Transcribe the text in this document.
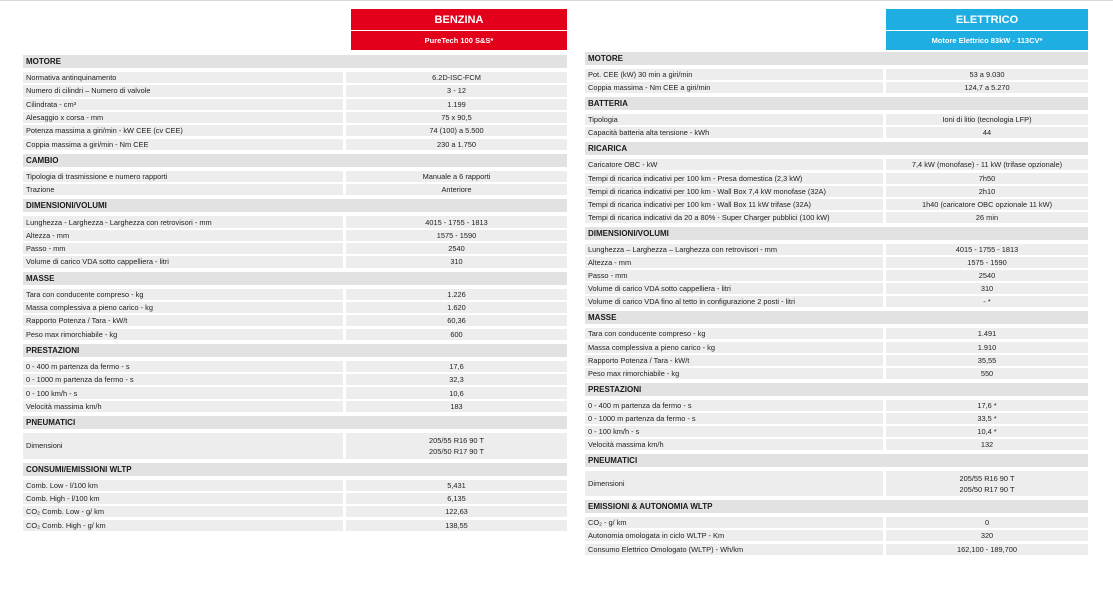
BENZINA
PureTech 100 S&S*
MOTORE
Normativa antinquinamento	6.2D-ISC-FCM
Numero di cilindri – Numero di valvole	3 - 12
Cilindrata - cm³	1.199
Alesaggio x corsa - mm	75 x 90,5
Potenza massima a giri/min - kW CEE (cv CEE)	74 (100) a 5.500
Coppia massima a giri/min - Nm CEE	230 a 1.750
CAMBIO
Tipologia di trasmissione e numero rapporti	Manuale a 6 rapporti
Trazione	Anteriore
DIMENSIONI/VOLUMI
Lunghezza - Larghezza - Larghezza con retrovisori - mm	4015 - 1755 - 1813
Altezza - mm	1575 - 1590
Passo - mm	2540
Volume di carico VDA sotto cappelliera - litri	310
MASSE
Tara con conducente compreso - kg	1.226
Massa complessiva a pieno carico - kg	1.620
Rapporto Potenza / Tara - kW/t	60,36
Peso max rimorchiabile - kg	600
PRESTAZIONI
0 - 400 m partenza da fermo - s	17,6
0 - 1000 m partenza da fermo - s	32,3
0 - 100 km/h - s	10,6
Velocità massima km/h	183
PNEUMATICI
Dimensioni
205/55 R16 90 T
205/50 R17 90 T
CONSUMI/EMISSIONI WLTP
Comb. Low - l/100 km	5,431
Comb. High - l/100 km	6,135
CO₂ Comb. Low - g/ km	122,63
CO₂ Comb. High - g/ km	138,55
ELETTRICO
Motore Elettrico 83kW - 113CV*
MOTORE
Pot. CEE (kW) 30 min a giri/min	53 a 9.030
Coppia massima - Nm CEE a giri/min	124,7 a 5.270
BATTERIA
Tipologia	Ioni di litio (tecnologia LFP)
Capacità batteria alta tensione - kWh	44
RICARICA
Caricatore OBC - kW	7,4 kW (monofase) - 11 kW (trifase opzionale)
Tempi di ricarica indicativi per 100 km - Presa domestica (2,3 kW)	7h50
Tempi di ricarica indicativi per 100 km - Wall Box 7,4 kW monofase (32A)	2h10
Tempi di ricarica indicativi per 100 km - Wall Box 11 kW trifase (32A)	1h40 (caricatore OBC opzionale 11 kW)
Tempi di ricarica indicativi da 20 a 80% - Super Charger pubblici (100 kW)	26 min
DIMENSIONI/VOLUMI
Lunghezza – Larghezza – Larghezza con retrovisori - mm	4015 - 1755 - 1813
Altezza - mm	1575 - 1590
Passo - mm	2540
Volume di carico VDA sotto cappelliera - litri	310
Volume di carico VDA fino al tetto in configurazione 2 posti - litri	- *
MASSE
Tara con conducente compreso - kg	1.491
Massa complessiva a pieno carico - kg	1.910
Rapporto Potenza / Tara - kW/t	35,55
Peso max rimorchiabile - kg	550
PRESTAZIONI
0 - 400 m partenza da fermo - s	17,6 *
0 - 1000 m partenza da fermo - s	33,5 *
0 - 100 km/h - s	10,4 *
Velocità massima km/h	132
PNEUMATICI
Dimensioni
205/55 R16 90 T
205/50 R17 90 T
EMISSIONI & AUTONOMIA WLTP
CO₂ - g/ km	0
Autonomia omologata in ciclo WLTP - Km	320
Consumo Elettrico Omologato (WLTP) - Wh/km	162,100 - 189,700
